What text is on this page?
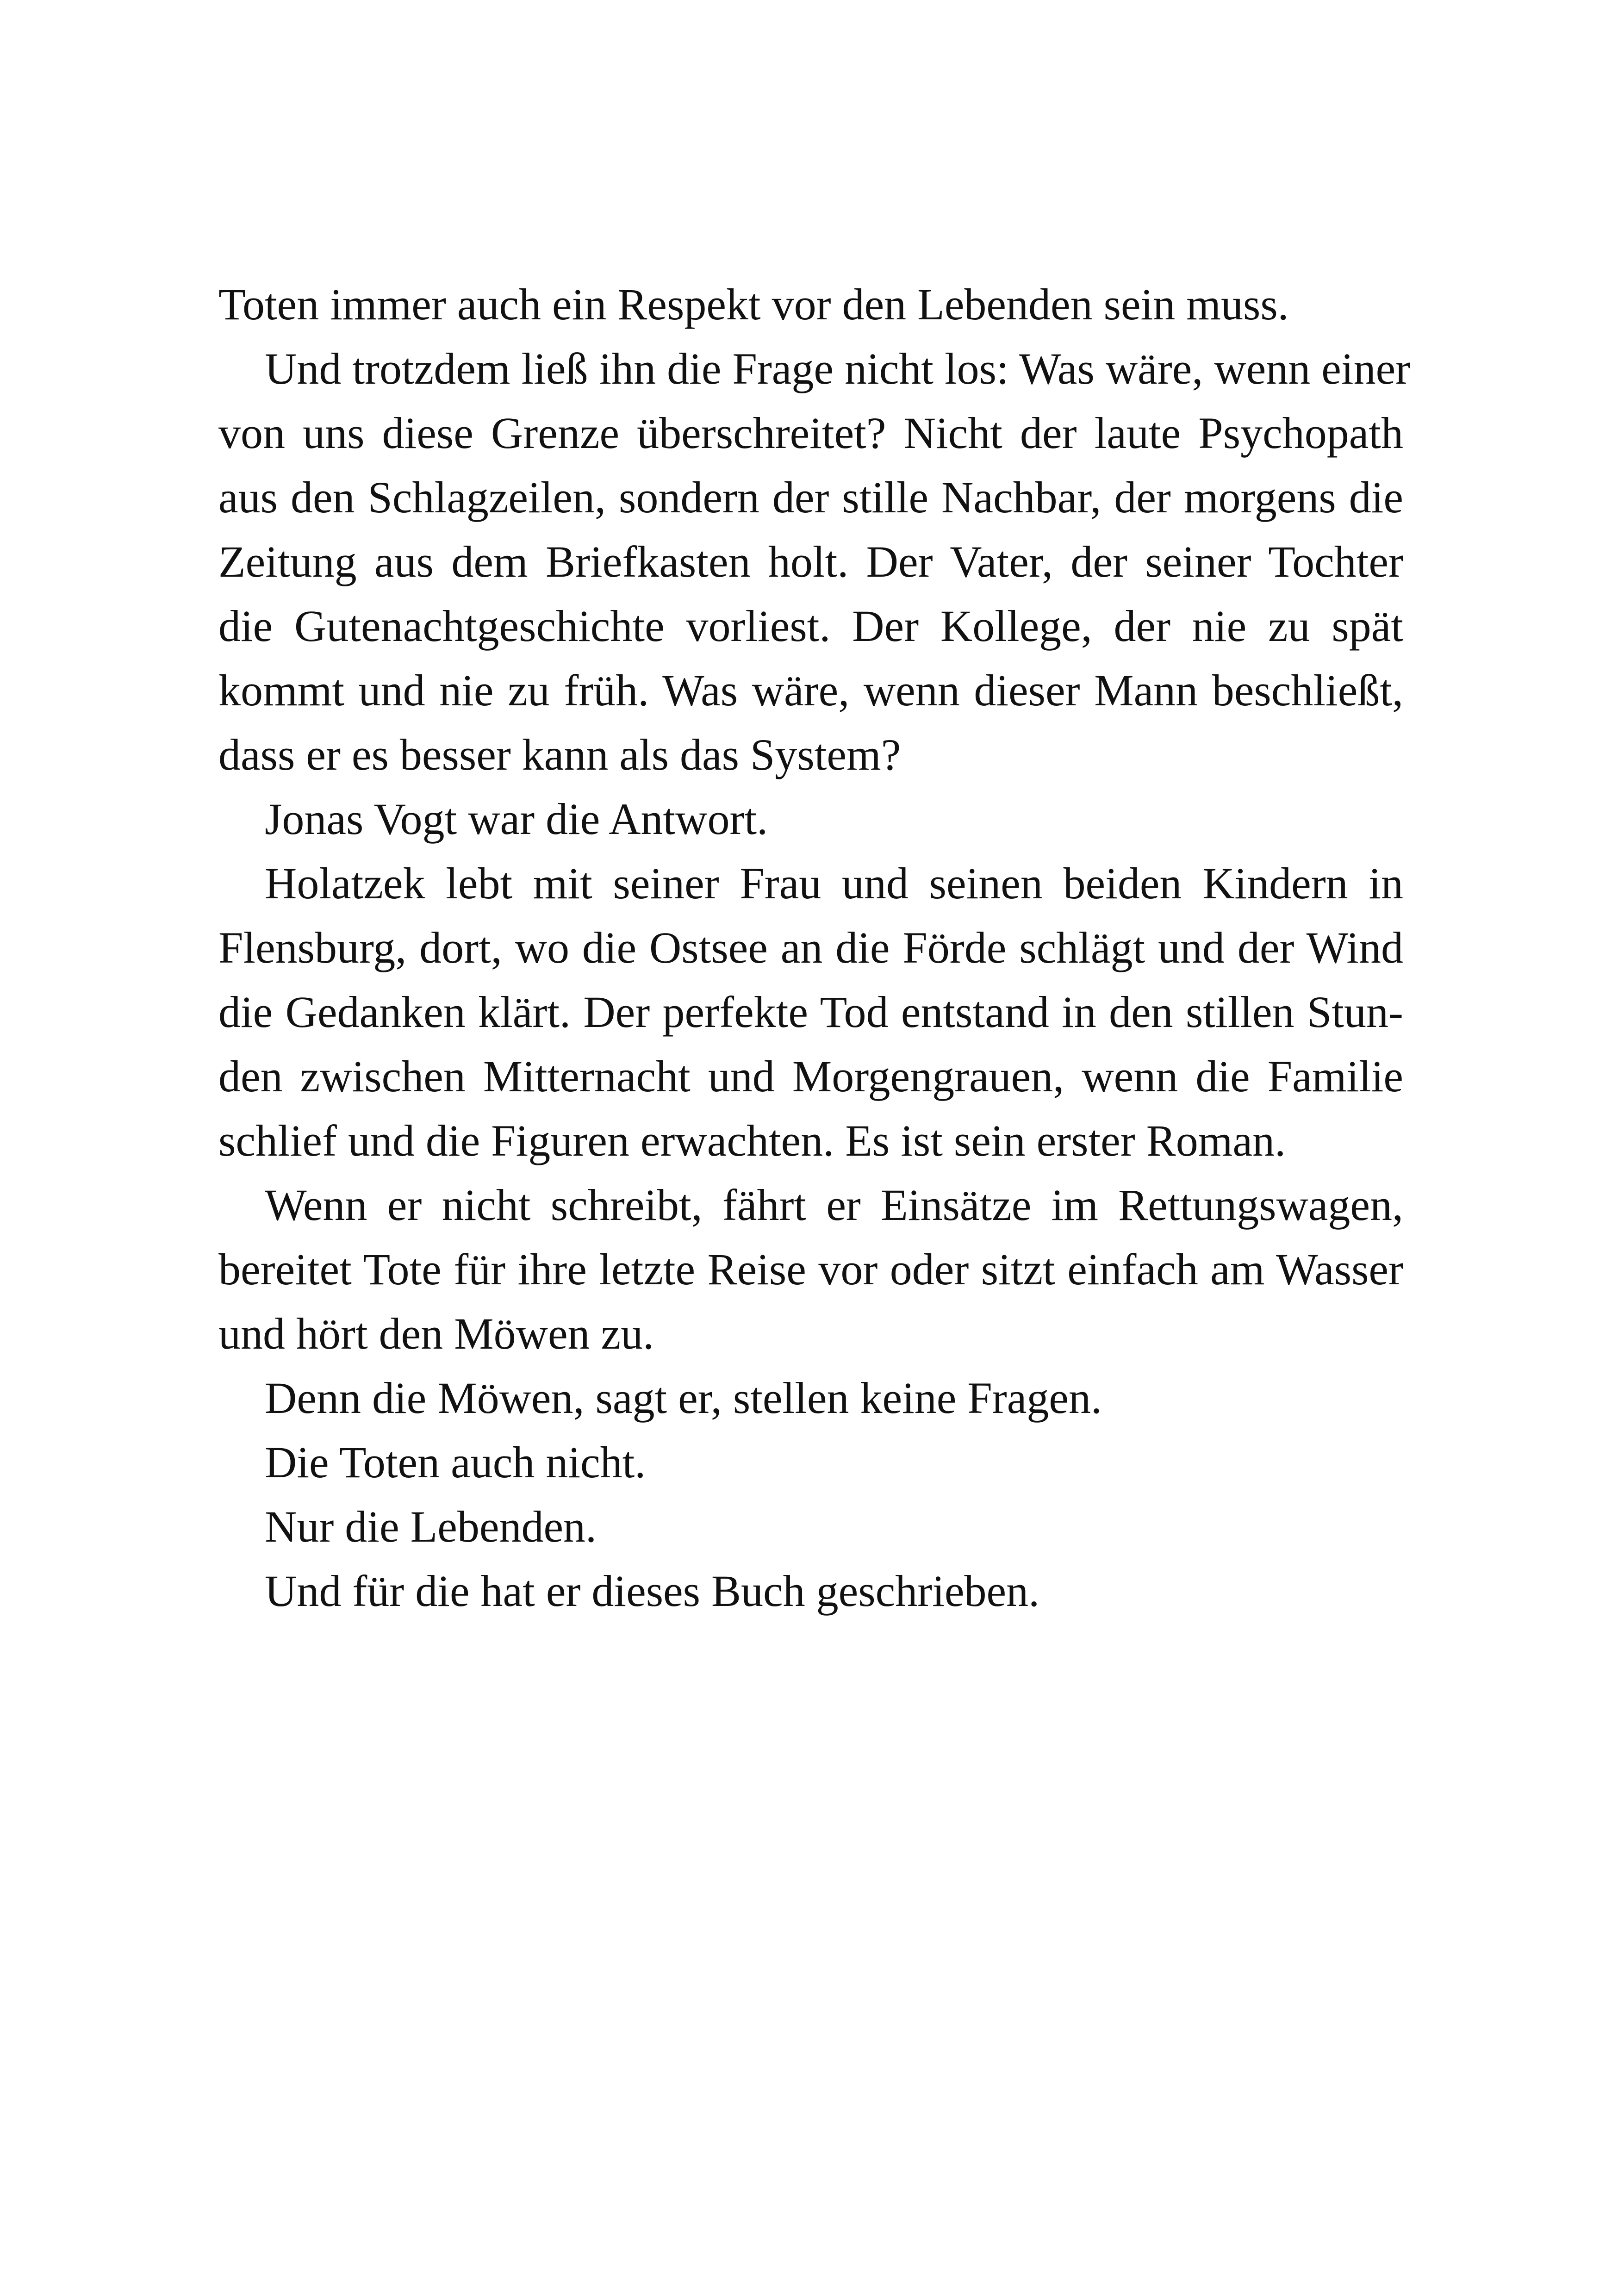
Toten immer auch ein Respekt vor den Lebenden sein muss.
Und trotzdem ließ ihn die Frage nicht los: Was wäre, wenn einer
von uns diese Grenze überschreitet? Nicht der laute Psychopath
aus den Schlagzeilen, sondern der stille Nachbar, der morgens die
Zeitung aus dem Briefkasten holt. Der Vater, der seiner Tochter
die Gutenachtgeschichte vorliest. Der Kollege, der nie zu spät
kommt und nie zu früh. Was wäre, wenn dieser Mann beschließt,
dass er es besser kann als das System?
Jonas Vogt war die Antwort.
Holatzek lebt mit seiner Frau und seinen beiden Kindern in
Flensburg, dort, wo die Ostsee an die Förde schlägt und der Wind
die Gedanken klärt. Der perfekte Tod entstand in den stillen Stun-
den zwischen Mitternacht und Morgengrauen, wenn die Familie
schlief und die Figuren erwachten. Es ist sein erster Roman.
Wenn er nicht schreibt, fährt er Einsätze im Rettungswagen,
bereitet Tote für ihre letzte Reise vor oder sitzt einfach am Wasser
und hört den Möwen zu.
Denn die Möwen, sagt er, stellen keine Fragen.
Die Toten auch nicht.
Nur die Lebenden.
Und für die hat er dieses Buch geschrieben.
